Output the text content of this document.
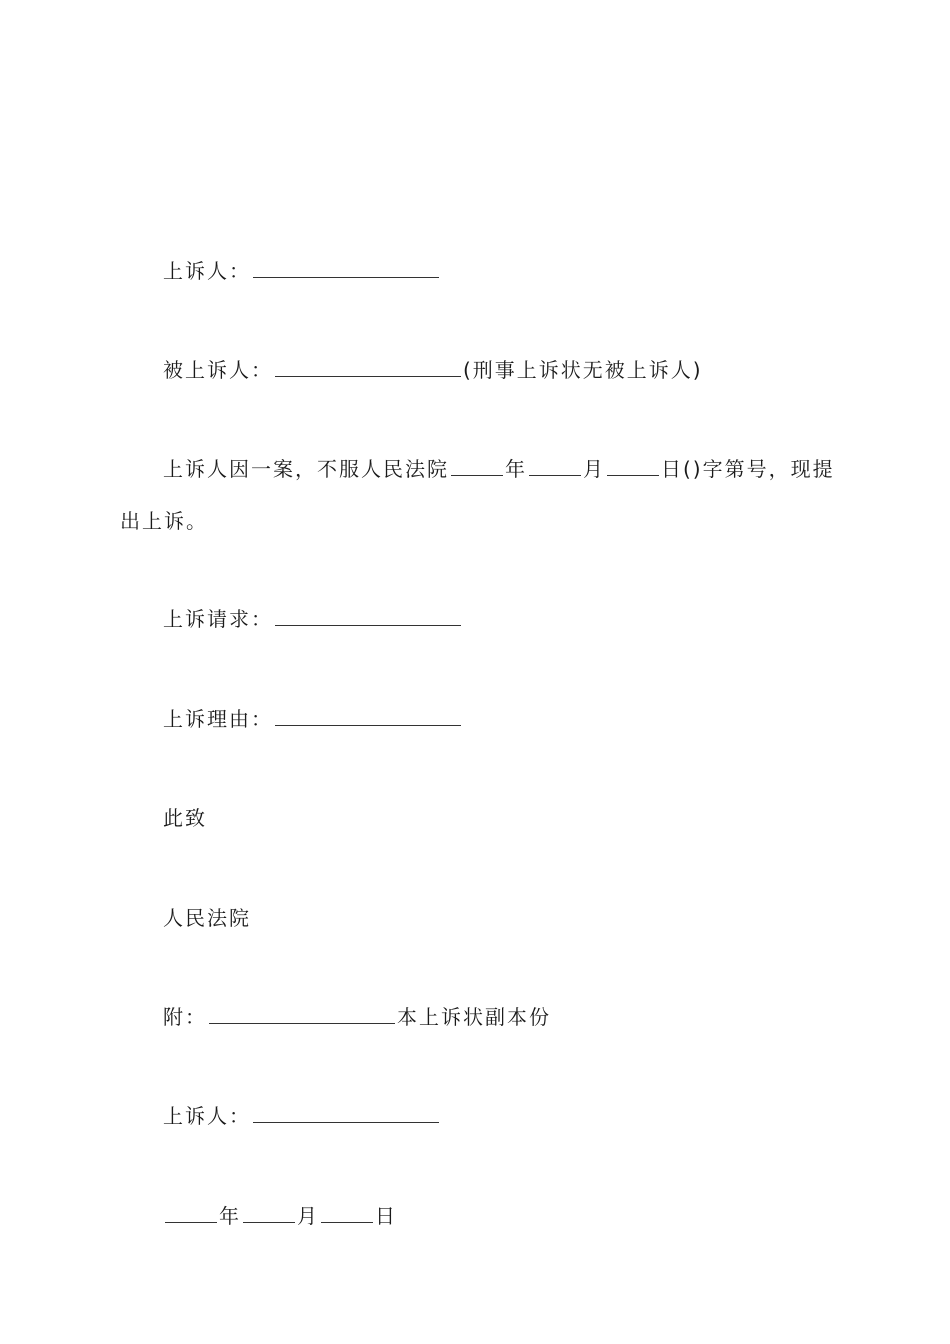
上诉人：
被上诉人：	(刑事上诉状无被上诉人)
上诉人因一案，不服人民法院	年	月	日()字第号，现提出上诉。
上诉请求：
上诉理由：
此致
人民法院
附：	本上诉状副本份
上诉人：
年	月	日
